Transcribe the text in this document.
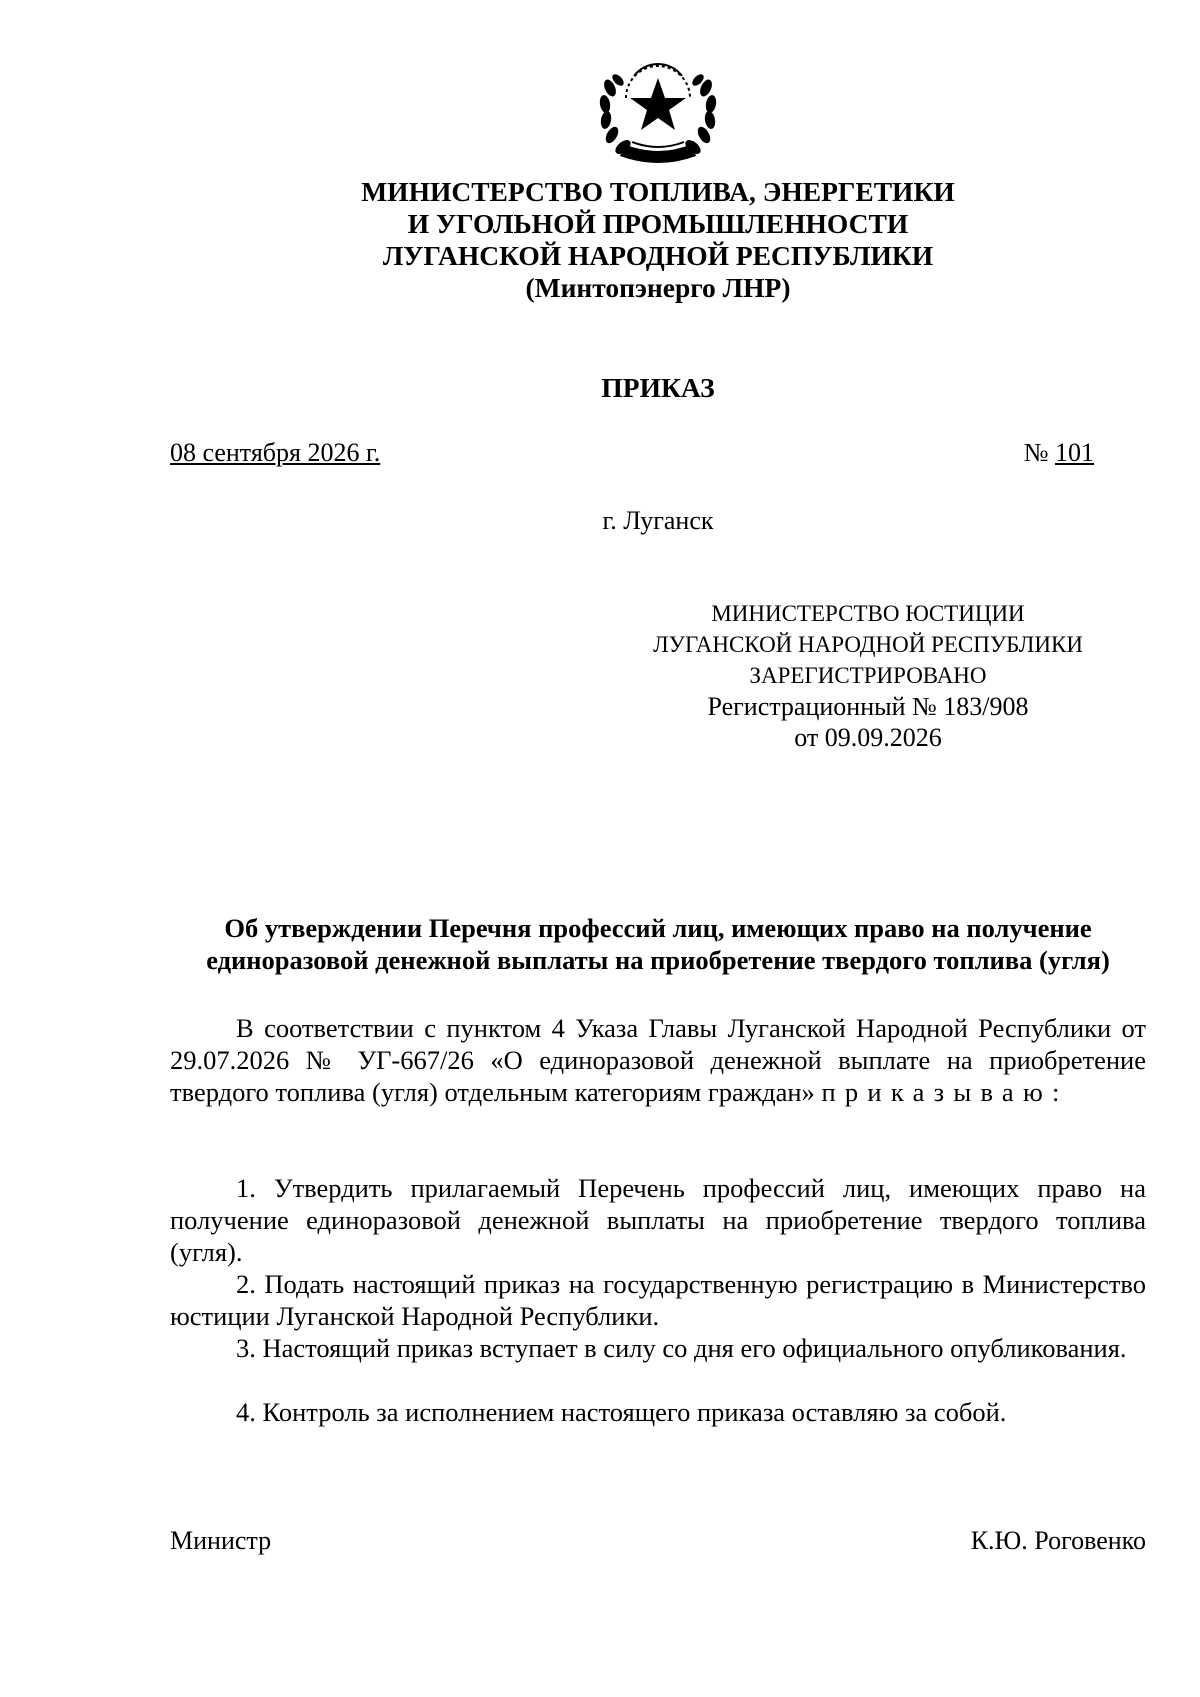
МИНИСТЕРСТВО ТОПЛИВА, ЭНЕРГЕТИКИ
И УГОЛЬНОЙ ПРОМЫШЛЕННОСТИ
ЛУГАНСКОЙ НАРОДНОЙ РЕСПУБЛИКИ
(Минтопэнерго ЛНР)
ПРИКАЗ
08 сентября 2026 г.	№ 101
г. Луганск
МИНИСТЕРСТВО ЮСТИЦИИ
ЛУГАНСКОЙ НАРОДНОЙ РЕСПУБЛИКИ
ЗАРЕГИСТРИРОВАНО
Регистрационный № 183/908
от 09.09.2026
Об утверждении Перечня профессий лиц, имеющих право на получение
единоразовой денежной выплаты на приобретение твердого топлива (угля)
В соответствии с пунктом 4 Указа Главы Луганской Народной Республики от 29.07.2026 № УГ-667/26 «О единоразовой денежной выплате на приобретение твердого топлива (угля) отдельным категориям граждан» приказываю:
1. Утвердить прилагаемый Перечень профессий лиц, имеющих право на получение единоразовой денежной выплаты на приобретение твердого топлива (угля).
2. Подать настоящий приказ на государственную регистрацию в Министерство юстиции Луганской Народной Республики.
3. Настоящий приказ вступает в силу со дня его официального опубликования.
4. Контроль за исполнением настоящего приказа оставляю за собой.
Министр	К.Ю. Роговенко
